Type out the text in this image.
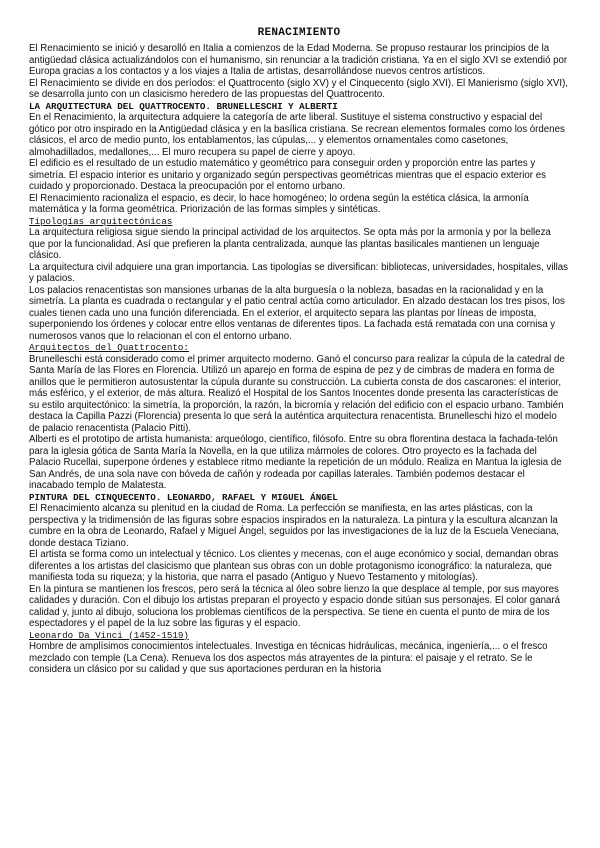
RENACIMIENTO

El Renacimiento se inició y desarolló en Italia a comienzos de la Edad Moderna. Se propuso restaurar los principios de la antigüedad clásica actualizándolos con el humanismo, sin renunciar a la tradición cristiana. Ya en el siglo XVI se extendió por Europa gracias a los contactos y a los viajes a Italia de artistas, desarrollándose nuevos centros artísticos.

El Renacimiento se divide en dos períodos: el Quattrocento (siglo XV) y el Cinquecento (siglo XVI). El Manierismo (siglo XVI), se desarrolla junto con un clasicismo heredero de las propuestas del Quattrocento.

LA ARQUITECTURA DEL QUATTROCENTO. BRUNELLESCHI Y ALBERTI

En el Renacimiento, la arquitectura adquiere la categoría de arte liberal. Sustituye el sistema constructivo y espacial del gótico por otro inspirado en la Antigüedad clásica y en la basílica cristiana. Se recrean elementos formales como los órdenes clásicos, el arco de medio punto, los entablamentos, las cúpulas,... y elementos ornamentales como casetones, almohadillados, medallones,... El muro recupera su papel de cierre y apoyo.

El edificio es el resultado de un estudio matemático y geométrico para conseguir orden y proporción entre las partes y simetría. El espacio interior es unitario y organizado según perspectivas geométricas mientras que el espacio exterior es cuidado y proporcionado. Destaca la preocupación por el entorno urbano.

El Renacimiento racionaliza el espacio, es decir, lo hace homogéneo; lo ordena según la estética clásica, la armonía matemática y la forma geométrica. Priorización de las formas simples y sintéticas.

Tipologías arquitectónicas

La arquitectura religiosa sigue siendo la principal actividad de los arquitectos. Se opta más por la armonía y por la belleza que por la funcionalidad. Así que prefieren la planta centralizada, aunque las plantas basilicales mantienen un lenguaje clásico.

La arquitectura civil adquiere una gran importancia. Las tipologías se diversifican: bibliotecas, universidades, hospitales, villas y palacios.

Los palacios renacentistas son mansiones urbanas de la alta burguesía o la nobleza, basadas en la racionalidad y en la simetría. La planta es cuadrada o rectangular y el patio central actúa como articulador. En alzado destacan los tres pisos, los cuales tienen cada uno una función diferenciada. En el exterior, el arquitecto separa las plantas por líneas de imposta, superponiendo los órdenes y colocar entre ellos ventanas de diferentes tipos. La fachada está rematada con una cornisa y numerosos vanos que lo relacionan el con el entorno urbano.

Arquitectos del Quattrocento:

Brunelleschi está considerado como el primer arquitecto moderno. Ganó el concurso para realizar la cúpula de la catedral de Santa María de las Flores en Florencia. Utilizó un aparejo en forma de espina de pez y de cimbras de madera en forma de anillos que le permitieron autosustentar la cúpula durante su construcción. La cubierta consta de dos cascarones: el interior, más esférico, y el exterior, de más altura. Realizó el Hospital de los Santos Inocentes donde presenta las características de su estilo arquitectónico: la simetría, la proporción, la razón, la bicromía y relación del edificio con el espacio urbano. También destaca la Capilla Pazzi (Florencia) presenta lo que será la auténtica arquitectura renacentista. Brunelleschi hizo el modelo de palacio renacentista (Palacio Pitti).

Alberti es el prototipo de artista humanista: arqueólogo, científico, filósofo. Entre su obra florentina destaca la fachada-telón para la iglesia gótica de Santa María la Novella, en la que utiliza mármoles de colores. Otro proyecto es la fachada del Palacio Rucellai, superpone órdenes y establece ritmo mediante la repetición de un módulo. Realiza en Mantua la iglesia de San Andrés, de una sola nave con bóveda de cañón y rodeada por capillas laterales. También podemos destacar el inacabado templo de Malatesta.

PINTURA DEL CINQUECENTO. LEONARDO, RAFAEL Y MIGUEL ÁNGEL

El Renacimiento alcanza su plenitud en la ciudad de Roma. La perfección se manifiesta, en las artes plásticas, con la perspectiva y la tridimensión de las figuras sobre espacios inspirados en la naturaleza. La pintura y la escultura alcanzan la cumbre en la obra de Leonardo, Rafael y Miguel Ángel, seguidos por las investigaciones de la luz de la Escuela Veneciana, donde destaca Tiziano.

El artista se forma como un intelectual y técnico. Los clientes y mecenas, con el auge económico y social, demandan obras diferentes a los artistas del clasicismo que plantean sus obras con un doble protagonismo iconográfico: la naturaleza, que manifiesta toda su riqueza; y la historia, que narra el pasado (Antiguo y Nuevo Testamento y mitologías).

En la pintura se mantienen los frescos, pero será la técnica al óleo sobre lienzo la que desplace al temple, por sus mayores calidades y duración. Con el dibujo los artistas preparan el proyecto y espacio donde sitúan sus personajes. El color ganará calidad y, junto al dibujo, soluciona los problemas científicos de la perspectiva. Se tiene en cuenta el punto de mira de los espectadores y el papel de la luz sobre las figuras y el espacio.

Leonardo Da Vinci (1452-1519)

Hombre de amplísimos conocimientos intelectuales. Investiga en técnicas hidráulicas, mecánica, ingeniería,... o el fresco mezclado con temple (La Cena). Renueva los dos aspectos más atrayentes de la pintura: el paisaje y el retrato. Se le considera un clásico por su calidad y que sus aportaciones perduran en la historia
